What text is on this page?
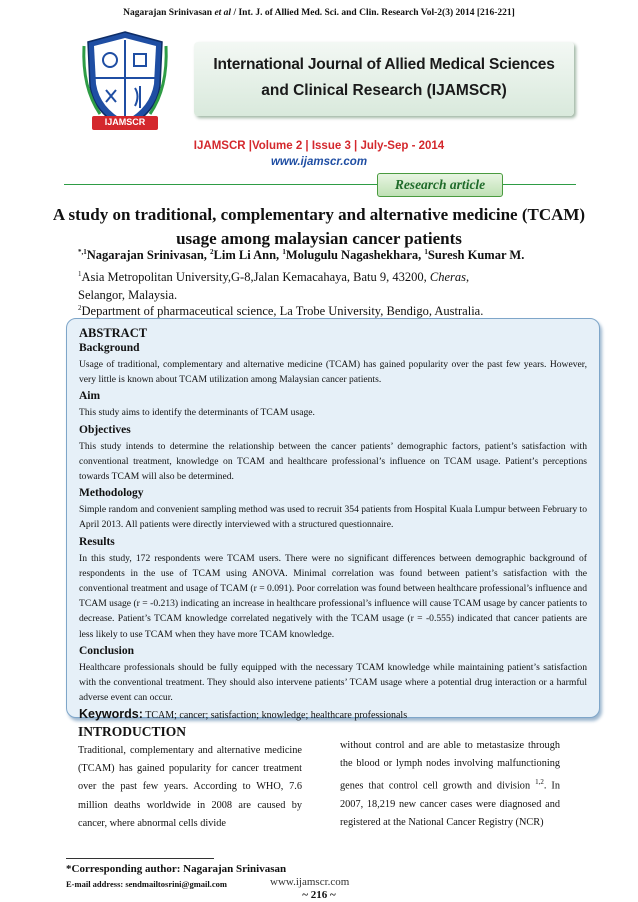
Nagarajan Srinivasan et al / Int. J. of Allied Med. Sci. and Clin. Research Vol-2(3) 2014 [216-221]
IJAMSCR
International Journal of Allied Medical Sciences
and Clinical Research (IJAMSCR)
IJAMSCR |Volume 2 | Issue 3 | July-Sep - 2014
www.ijamscr.com
Research article
A study on traditional, complementary and alternative medicine (TCAM) usage among malaysian cancer patients
$^{*,1}$Nagarajan Srinivasan, $^2$Lim Li Ann, $^1$Molugulu Nagashekhara, $^1$Suresh Kumar M.
$^1$Asia Metropolitan University,G-8,Jalan Kemacahaya, Batu 9, 43200, Cheras,
Selangor, Malaysia.
$^2$Department of pharmaceutical science, La Trobe University, Bendigo, Australia.

ABSTRACT

Background

Usage of traditional, complementary and alternative medicine (TCAM) has gained popularity over the past few years. However, very little is known about TCAM utilization among Malaysian cancer patients.

Aim

This study aims to identify the determinants of TCAM usage.

Objectives

This study intends to determine the relationship between the cancer patients’ demographic factors, patient’s satisfaction with conventional treatment, knowledge on TCAM and healthcare professional’s influence on TCAM usage. Patient’s perceptions towards TCAM will also be determined.

Methodology

Simple random and convenient sampling method was used to recruit 354 patients from Hospital Kuala Lumpur between February to April 2013. All patients were directly interviewed with a structured questionnaire.

Results

In this study, 172 respondents were TCAM users. There were no significant differences between demographic background of respondents in the use of TCAM using ANOVA. Minimal correlation was found between patient’s satisfaction with the conventional treatment and usage of TCAM (r = 0.091). Poor correlation was found between healthcare professional’s influence and TCAM usage (r = -0.213) indicating an increase in healthcare professional’s influence will cause TCAM usage by cancer patients to decrease. Patient’s TCAM knowledge correlated negatively with the TCAM usage (r = -0.555) indicated that cancer patients are less likely to use TCAM when they have more TCAM knowledge.

Conclusion

Healthcare professionals should be fully equipped with the necessary TCAM knowledge while maintaining patient’s satisfaction with the conventional treatment. They should also intervene patients’ TCAM usage where a potential drug interaction or a harmful adverse event can occur.

Keywords: TCAM; cancer; satisfaction; knowledge; healthcare professionals

INTRODUCTION
Traditional, complementary and alternative medicine (TCAM) has gained popularity for cancer treatment over the past few years. According to WHO, 7.6 million deaths worldwide in 2008 are caused by cancer, where abnormal cells divide
without control and are able to metastasize through the blood or lymph nodes involving malfunctioning genes that control cell growth and division $^{1,2}$. In 2007, 18,219 new cancer cases were diagnosed and registered at the National Cancer Registry (NCR)
*Corresponding author: Nagarajan Srinivasan
E-mail address: sendmailtosrini@gmail.com	www.ijamscr.com
~ 216 ~
